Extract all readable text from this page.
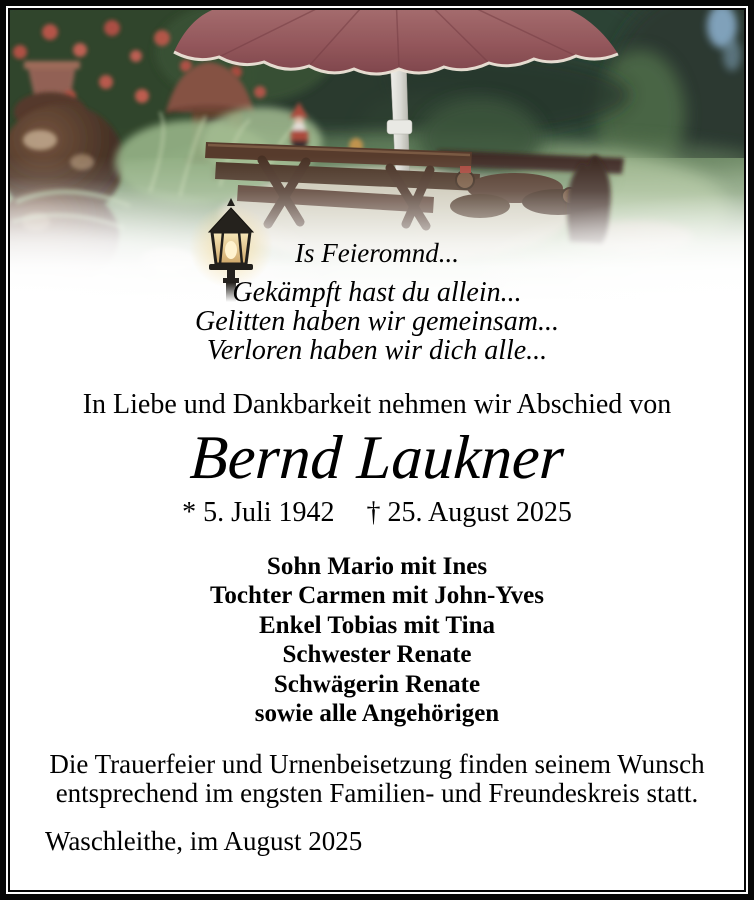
Is Feieromnd...
Gekämpft hast du allein...
Gelitten haben wir gemeinsam...
Verloren haben wir dich alle...
In Liebe und Dankbarkeit nehmen wir Abschied von
Bernd Laukner
* 5. Juli 1942 † 25. August 2025
Sohn Mario mit Ines
Tochter Carmen mit John-Yves
Enkel Tobias mit Tina
Schwester Renate
Schwägerin Renate
sowie alle Angehörigen
Die Trauerfeier und Urnenbeisetzung finden seinem Wunsch
entsprechend im engsten Familien- und Freundeskreis statt.
Waschleithe, im August 2025
